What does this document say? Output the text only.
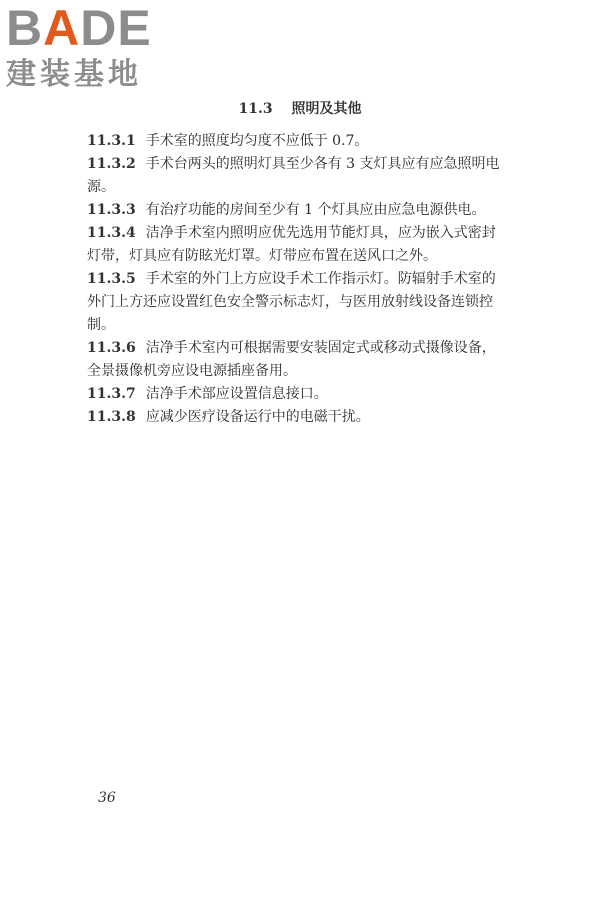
BADE
建装基地
11.3 照明及其他

11.3.1 手术室的照度均匀度不应低于 0.7。

11.3.2 手术台两头的照明灯具至少各有 3 支灯具应有应急照明电源。

11.3.3 有治疗功能的房间至少有 1 个灯具应由应急电源供电。

11.3.4 洁净手术室内照明应优先选用节能灯具，应为嵌入式密封灯带，灯具应有防眩光灯罩。灯带应布置在送风口之外。

11.3.5 手术室的外门上方应设手术工作指示灯。防辐射手术室的外门上方还应设置红色安全警示标志灯，与医用放射线设备连锁控制。

11.3.6 洁净手术室内可根据需要安装固定式或移动式摄像设备，全景摄像机旁应设电源插座备用。

11.3.7 洁净手术部应设置信息接口。

11.3.8 应减少医疗设备运行中的电磁干扰。

36
